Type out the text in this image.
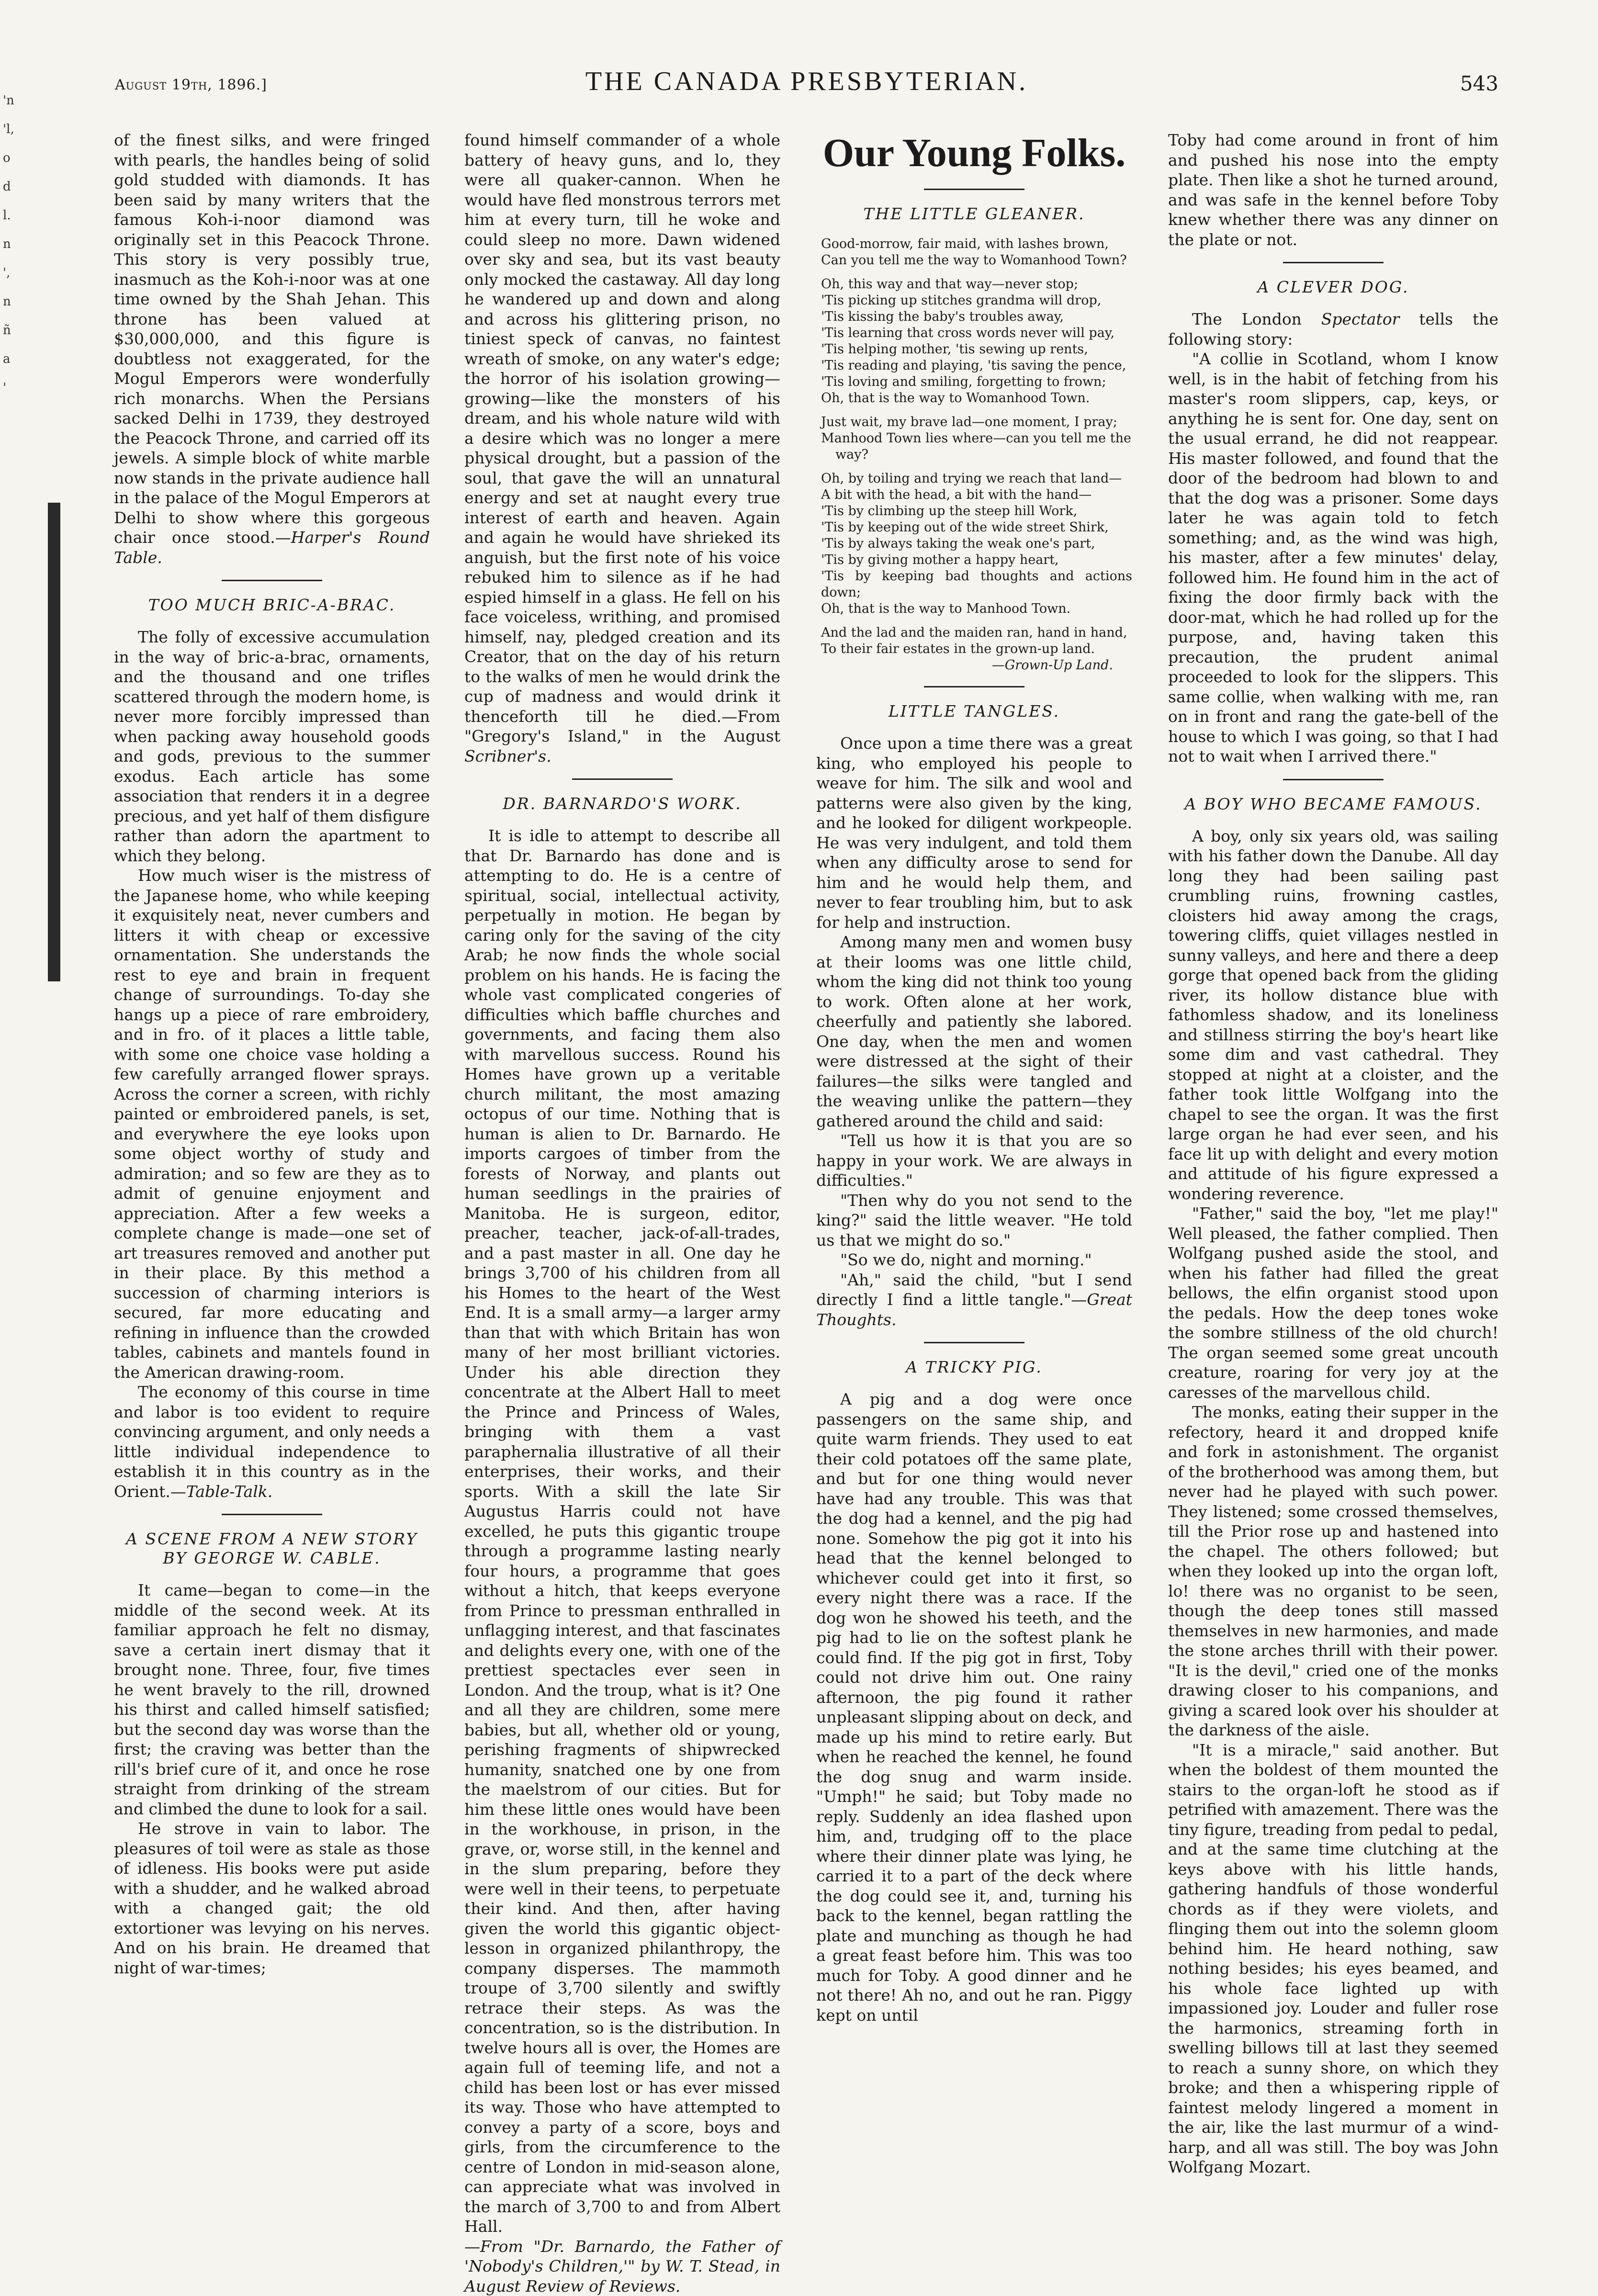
'n
'l,
o
d
l.
n
',
n
ñ
a
'
August 19th, 1896.]	THE CANADA PRESBYTERIAN.	543

of the finest silks, and were fringed with pearls, the handles being of solid gold studded with diamonds. It has been said by many writers that the famous Koh-i-noor diamond was originally set in this Peacock Throne. This story is very possibly true, inasmuch as the Koh-i-noor was at one time owned by the Shah Jehan. This throne has been valued at $30,000,000, and this figure is doubtless not exaggerated, for the Mogul Emperors were wonderfully rich monarchs. When the Persians sacked Delhi in 1739, they destroyed the Peacock Throne, and carried off its jewels. A simple block of white marble now stands in the private audience hall in the palace of the Mogul Emperors at Delhi to show where this gorgeous chair once stood.—Harper's Round Table.

TOO MUCH BRIC-A-BRAC.

The folly of excessive accumulation in the way of bric-a-brac, ornaments, and the thousand and one trifles scattered through the modern home, is never more forcibly impressed than when packing away household goods and gods, previous to the summer exodus. Each article has some association that renders it in a degree precious, and yet half of them disfigure rather than adorn the apartment to which they belong.

How much wiser is the mistress of the Japanese home, who while keeping it exquisitely neat, never cumbers and litters it with cheap or excessive ornamentation. She understands the rest to eye and brain in frequent change of surroundings. To-day she hangs up a piece of rare embroidery, and in fro. of it places a little table, with some one choice vase holding a few carefully arranged flower sprays. Across the corner a screen, with richly painted or embroidered panels, is set, and everywhere the eye looks upon some object worthy of study and admiration; and so few are they as to admit of genuine enjoyment and appreciation. After a few weeks a complete change is made—one set of art treasures removed and another put in their place. By this method a succession of charming interiors is secured, far more educating and refining in influence than the crowded tables, cabinets and mantels found in the American drawing-room.

The economy of this course in time and labor is too evident to require convincing argument, and only needs a little individual independence to establish it in this country as in the Orient.—Table-Talk.

A SCENE FROM A NEW STORY BY GEORGE W. CABLE.

It came—began to come—in the middle of the second week. At its familiar approach he felt no dismay, save a certain inert dismay that it brought none. Three, four, five times he went bravely to the rill, drowned his thirst and called himself satisfied; but the second day was worse than the first; the craving was better than the rill's brief cure of it, and once he rose straight from drinking of the stream and climbed the dune to look for a sail.

He strove in vain to labor. The pleasures of toil were as stale as those of idleness. His books were put aside with a shudder, and he walked abroad with a changed gait; the old extortioner was levying on his nerves. And on his brain. He dreamed that night of war-times;

found himself commander of a whole battery of heavy guns, and lo, they were all quaker-cannon. When he would have fled monstrous terrors met him at every turn, till he woke and could sleep no more. Dawn widened over sky and sea, but its vast beauty only mocked the castaway. All day long he wandered up and down and along and across his glittering prison, no tiniest speck of canvas, no faintest wreath of smoke, on any water's edge; the horror of his isolation growing—growing—like the monsters of his dream, and his whole nature wild with a desire which was no longer a mere physical drought, but a passion of the soul, that gave the will an unnatural energy and set at naught every true interest of earth and heaven. Again and again he would have shrieked its anguish, but the first note of his voice rebuked him to silence as if he had espied himself in a glass. He fell on his face voiceless, writhing, and promised himself, nay, pledged creation and its Creator, that on the day of his return to the walks of men he would drink the cup of madness and would drink it thenceforth till he died.—From "Gregory's Island," in the August Scribner's.

DR. BARNARDO'S WORK.

It is idle to attempt to describe all that Dr. Barnardo has done and is attempting to do. He is a centre of spiritual, social, intellectual activity, perpetually in motion. He began by caring only for the saving of the city Arab; he now finds the whole social problem on his hands. He is facing the whole vast complicated congeries of difficulties which baffle churches and governments, and facing them also with marvellous success. Round his Homes have grown up a veritable church militant, the most amazing octopus of our time. Nothing that is human is alien to Dr. Barnardo. He imports cargoes of timber from the forests of Norway, and plants out human seedlings in the prairies of Manitoba. He is surgeon, editor, preacher, teacher, jack-of-all-trades, and a past master in all. One day he brings 3,700 of his children from all his Homes to the heart of the West End. It is a small army—a larger army than that with which Britain has won many of her most brilliant victories. Under his able direction they concentrate at the Albert Hall to meet the Prince and Princess of Wales, bringing with them a vast paraphernalia illustrative of all their enterprises, their works, and their sports. With a skill the late Sir Augustus Harris could not have excelled, he puts this gigantic troupe through a programme lasting nearly four hours, a programme that goes without a hitch, that keeps everyone from Prince to pressman enthralled in unflagging interest, and that fascinates and delights every one, with one of the prettiest spectacles ever seen in London. And the troup, what is it? One and all they are children, some mere babies, but all, whether old or young, perishing fragments of shipwrecked humanity, snatched one by one from the maelstrom of our cities. But for him these little ones would have been in the workhouse, in prison, in the grave, or, worse still, in the kennel and in the slum preparing, before they were well in their teens, to perpetuate their kind. And then, after having given the world this gigantic object-lesson in organized philanthropy, the company disperses. The mammoth troupe of 3,700 silently and swiftly retrace their steps. As was the concentration, so is the distribution. In twelve hours all is over, the Homes are again full of teeming life, and not a child has been lost or has ever missed its way. Those who have attempted to convey a party of a score, boys and girls, from the circumference to the centre of London in mid-season alone, can appreciate what was involved in the march of 3,700 to and from Albert Hall.

—From "Dr. Barnardo, the Father of 'Nobody's Children,'" by W. T. Stead, in August Review of Reviews.

Our Young Folks.
THE LITTLE GLEANER.
Good-morrow, fair maid, with lashes brown,
Can you tell me the way to Womanhood Town?
Oh, this way and that way—never stop;
'Tis picking up stitches grandma will drop,
'Tis kissing the baby's troubles away,
'Tis learning that cross words never will pay,
'Tis helping mother, 'tis sewing up rents,
'Tis reading and playing, 'tis saving the pence,
'Tis loving and smiling, forgetting to frown;
Oh, that is the way to Womanhood Town.
Just wait, my brave lad—one moment, I pray;
Manhood Town lies where—can you tell me the
way?
Oh, by toiling and trying we reach that land—
A bit with the head, a bit with the hand—
'Tis by climbing up the steep hill Work,
'Tis by keeping out of the wide street Shirk,
'Tis by always taking the weak one's part,
'Tis by giving mother a happy heart,
'Tis by keeping bad thoughts and actions down;
Oh, that is the way to Manhood Town.
And the lad and the maiden ran, hand in hand,
To their fair estates in the grown-up land.
—Grown-Up Land.
LITTLE TANGLES.

Once upon a time there was a great king, who employed his people to weave for him. The silk and wool and patterns were also given by the king, and he looked for diligent workpeople. He was very indulgent, and told them when any difficulty arose to send for him and he would help them, and never to fear troubling him, but to ask for help and instruction.

Among many men and women busy at their looms was one little child, whom the king did not think too young to work. Often alone at her work, cheerfully and patiently she labored. One day, when the men and women were distressed at the sight of their failures—the silks were tangled and the weaving unlike the pattern—they gathered around the child and said:

"Tell us how it is that you are so happy in your work. We are always in difficulties."

"Then why do you not send to the king?" said the little weaver. "He told us that we might do so."

"So we do, night and morning."

"Ah," said the child, "but I send directly I find a little tangle."—Great Thoughts.

A TRICKY PIG.

A pig and a dog were once passengers on the same ship, and quite warm friends. They used to eat their cold potatoes off the same plate, and but for one thing would never have had any trouble. This was that the dog had a kennel, and the pig had none. Somehow the pig got it into his head that the kennel belonged to whichever could get into it first, so every night there was a race. If the dog won he showed his teeth, and the pig had to lie on the softest plank he could find. If the pig got in first, Toby could not drive him out. One rainy afternoon, the pig found it rather unpleasant slipping about on deck, and made up his mind to retire early. But when he reached the kennel, he found the dog snug and warm inside. "Umph!" he said; but Toby made no reply. Suddenly an idea flashed upon him, and, trudging off to the place where their dinner plate was lying, he carried it to a part of the deck where the dog could see it, and, turning his back to the kennel, began rattling the plate and munching as though he had a great feast before him. This was too much for Toby. A good dinner and he not there! Ah no, and out he ran. Piggy kept on until

Toby had come around in front of him and pushed his nose into the empty plate. Then like a shot he turned around, and was safe in the kennel before Toby knew whether there was any dinner on the plate or not.

A CLEVER DOG.

The London Spectator tells the following story:

"A collie in Scotland, whom I know well, is in the habit of fetching from his master's room slippers, cap, keys, or anything he is sent for. One day, sent on the usual errand, he did not reappear. His master followed, and found that the door of the bedroom had blown to and that the dog was a prisoner. Some days later he was again told to fetch something; and, as the wind was high, his master, after a few minutes' delay, followed him. He found him in the act of fixing the door firmly back with the door-mat, which he had rolled up for the purpose, and, having taken this precaution, the prudent animal proceeded to look for the slippers. This same collie, when walking with me, ran on in front and rang the gate-bell of the house to which I was going, so that I had not to wait when I arrived there."

A BOY WHO BECAME FAMOUS.

A boy, only six years old, was sailing with his father down the Danube. All day long they had been sailing past crumbling ruins, frowning castles, cloisters hid away among the crags, towering cliffs, quiet villages nestled in sunny valleys, and here and there a deep gorge that opened back from the gliding river, its hollow distance blue with fathomless shadow, and its loneliness and stillness stirring the boy's heart like some dim and vast cathedral. They stopped at night at a cloister, and the father took little Wolfgang into the chapel to see the organ. It was the first large organ he had ever seen, and his face lit up with delight and every motion and attitude of his figure expressed a wondering reverence.

"Father," said the boy, "let me play!" Well pleased, the father complied. Then Wolfgang pushed aside the stool, and when his father had filled the great bellows, the elfin organist stood upon the pedals. How the deep tones woke the sombre stillness of the old church! The organ seemed some great uncouth creature, roaring for very joy at the caresses of the marvellous child.

The monks, eating their supper in the refectory, heard it and dropped knife and fork in astonishment. The organist of the brotherhood was among them, but never had he played with such power. They listened; some crossed themselves, till the Prior rose up and hastened into the chapel. The others followed; but when they looked up into the organ loft, lo! there was no organist to be seen, though the deep tones still massed themselves in new harmonies, and made the stone arches thrill with their power. "It is the devil," cried one of the monks drawing closer to his companions, and giving a scared look over his shoulder at the darkness of the aisle.

"It is a miracle," said another. But when the boldest of them mounted the stairs to the organ-loft he stood as if petrified with amazement. There was the tiny figure, treading from pedal to pedal, and at the same time clutching at the keys above with his little hands, gathering handfuls of those wonderful chords as if they were violets, and flinging them out into the solemn gloom behind him. He heard nothing, saw nothing besides; his eyes beamed, and his whole face lighted up with impassioned joy. Louder and fuller rose the harmonics, streaming forth in swelling billows till at last they seemed to reach a sunny shore, on which they broke; and then a whispering ripple of faintest melody lingered a moment in the air, like the last murmur of a wind-harp, and all was still. The boy was John Wolfgang Mozart.
